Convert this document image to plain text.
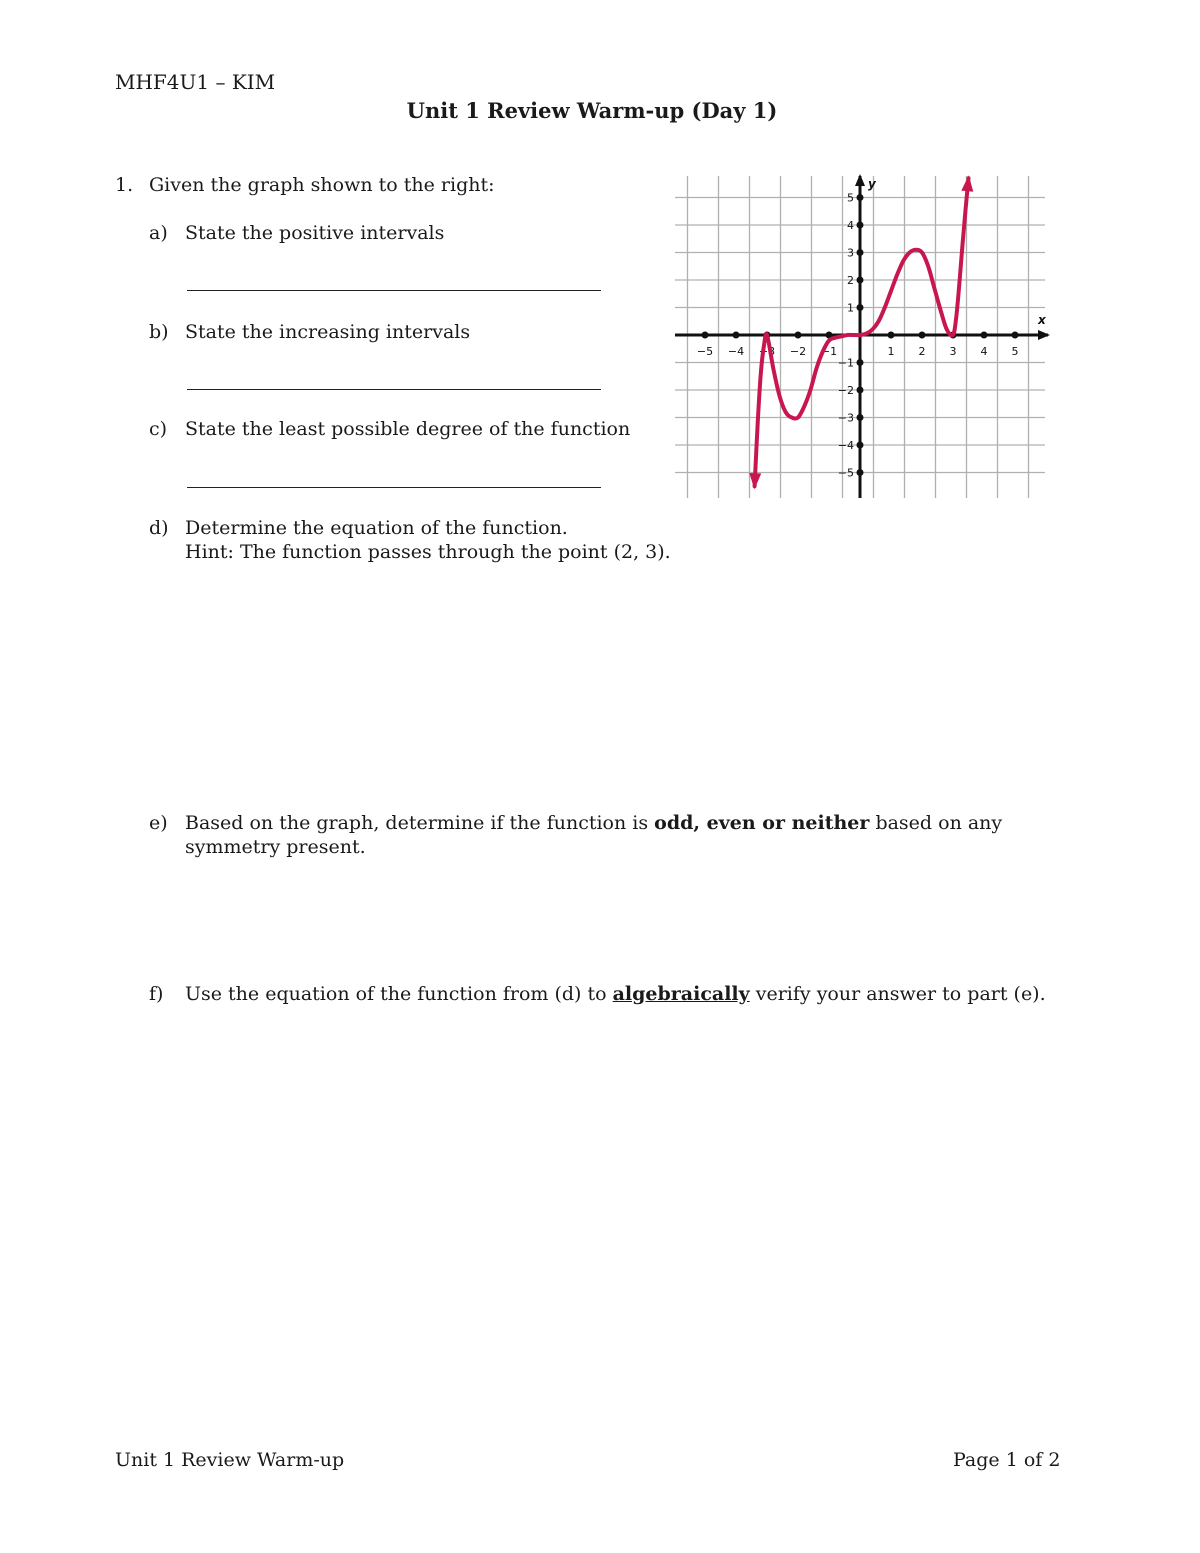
MHF4U1 – KIM
Unit 1 Review Warm-up (Day 1)
1. Given the graph shown to the right:
a) State the positive intervals
b) State the increasing intervals
c) State the least possible degree of the function
d) Determine the equation of the function.
Hint: The function passes through the point (2, 3).
e) Based on the graph, determine if the function is odd, even or neither based on any
symmetry present.
f) Use the equation of the function from (d) to algebraically verify your answer to part (e).
−5 −4 −3 −2 −1	1 2 3 4 5
5
4
3
2
1
−1
−2
−3
−4
−5
x
y
Unit 1 Review Warm-up	Page 1 of 2
